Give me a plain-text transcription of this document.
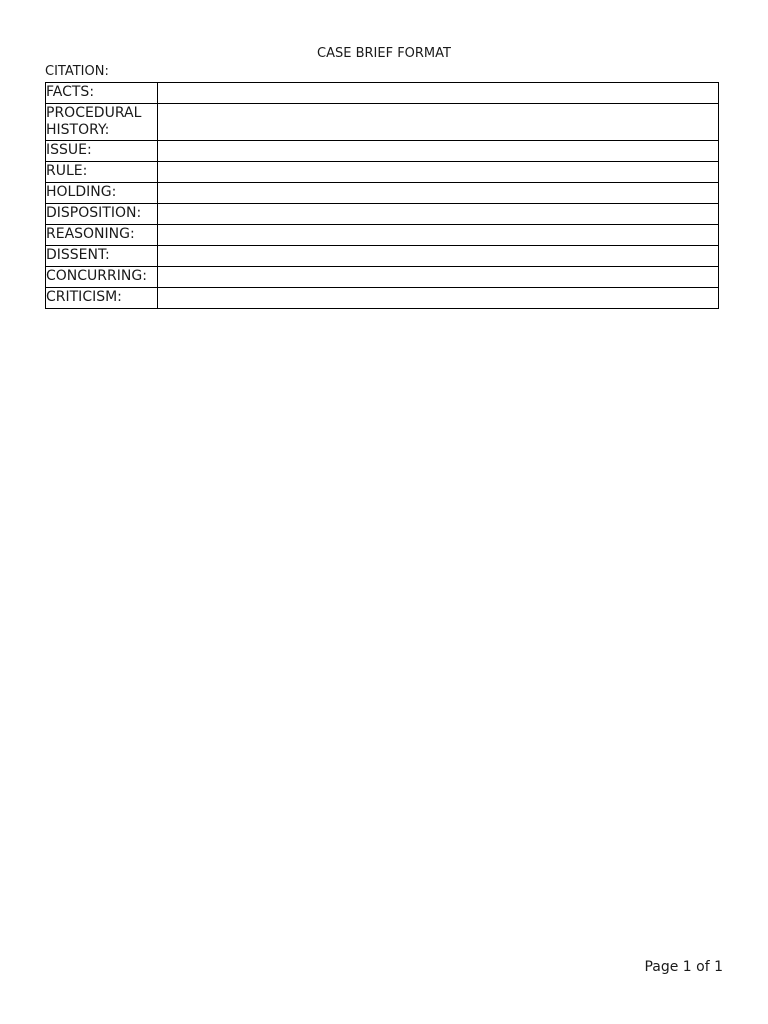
CASE BRIEF FORMAT
CITATION:
FACTS:	
PROCEDURAL HISTORY:	
ISSUE:	
RULE:	
HOLDING:	
DISPOSITION:	
REASONING:	
DISSENT:	
CONCURRING:	
CRITICISM:	
Page 1 of 1
